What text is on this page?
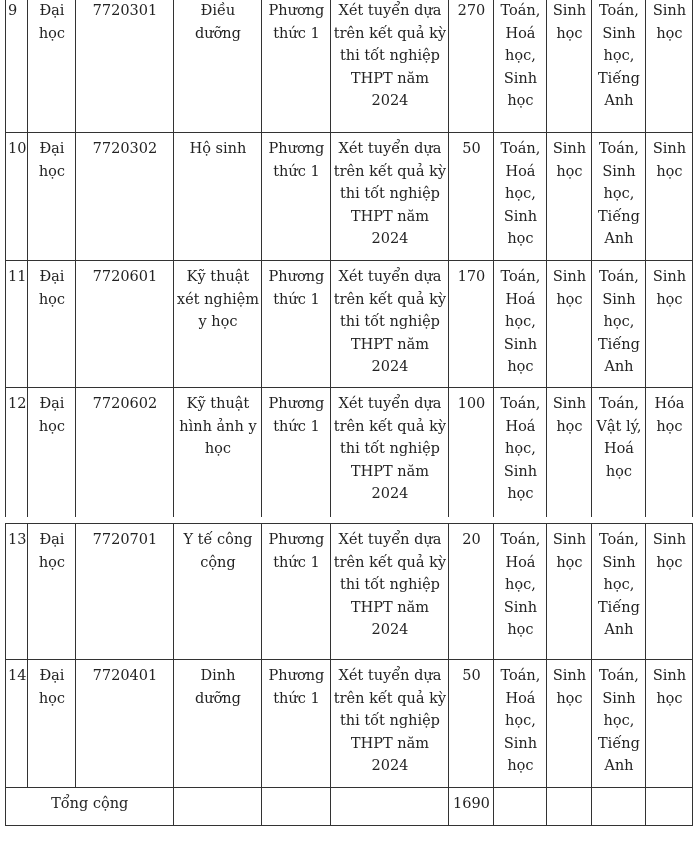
9	Đại học	7720301	Điều dưỡng	Phương thức 1	Xét tuyển dựa trên kết quả kỳ thi tốt nghiệp THPT năm 2024	270	Toán, Hoá học, Sinh học	Sinh học	Toán, Sinh học, Tiếng Anh	Sinh học
10	Đại học	7720302	Hộ sinh	Phương thức 1	Xét tuyển dựa trên kết quả kỳ thi tốt nghiệp THPT năm 2024	50	Toán, Hoá học, Sinh học	Sinh học	Toán, Sinh học, Tiếng Anh	Sinh học
11	Đại học	7720601	Kỹ thuật xét nghiệm y học	Phương thức 1	Xét tuyển dựa trên kết quả kỳ thi tốt nghiệp THPT năm 2024	170	Toán, Hoá học, Sinh học	Sinh học	Toán, Sinh học, Tiếng Anh	Sinh học
12	Đại học	7720602	Kỹ thuật hình ảnh y học	Phương thức 1	Xét tuyển dựa trên kết quả kỳ thi tốt nghiệp THPT năm 2024	100	Toán, Hoá học, Sinh học	Sinh học	Toán, Vật lý, Hoá học	Hóa học
13	Đại học	7720701	Y tế công cộng	Phương thức 1	Xét tuyển dựa trên kết quả kỳ thi tốt nghiệp THPT năm 2024	20	Toán, Hoá học, Sinh học	Sinh học	Toán, Sinh học, Tiếng Anh	Sinh học
14	Đại học	7720401	Dinh dưỡng	Phương thức 1	Xét tuyển dựa trên kết quả kỳ thi tốt nghiệp THPT năm 2024	50	Toán, Hoá học, Sinh học	Sinh học	Toán, Sinh học, Tiếng Anh	Sinh học
Tổng cộng						1690				
